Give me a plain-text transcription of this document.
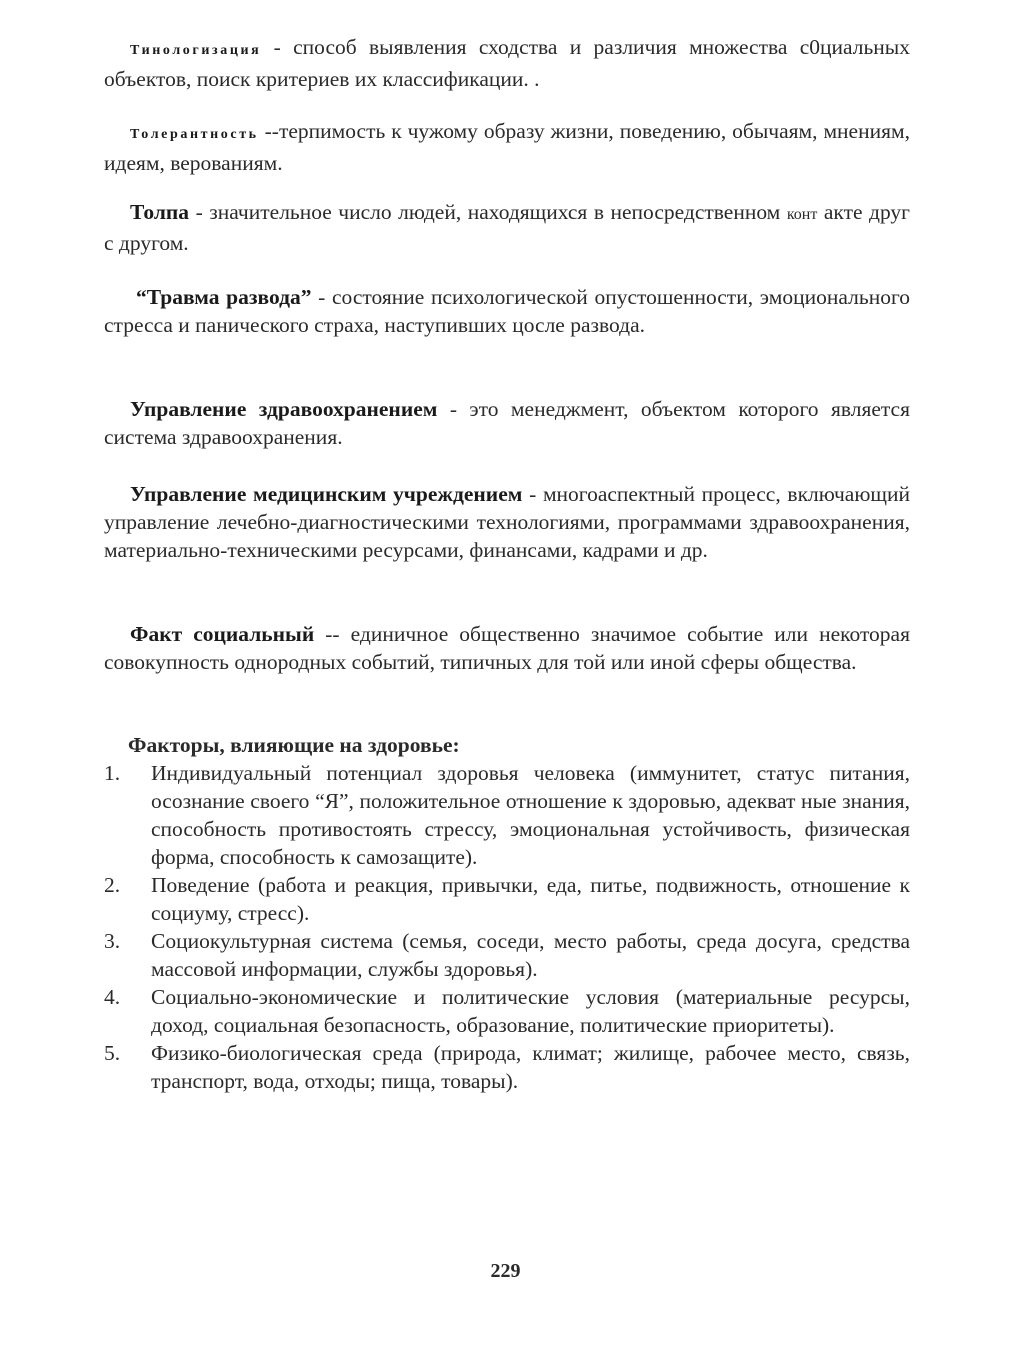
Тинологизация - способ выявления сходства и различия множества с0циальных объектов, поиск критериев их классификации. .

Толерантность --терпимость к чужому образу жизни, поведению, обычаям, мнениям, идеям, верованиям.

Толпа - значительное число людей, находящихся в непосредственном конт акте друг с другом.

“Травма развода” - состояние психологической опустошенности, эмоционального стресса и панического страха, наступивших цосле развода.

Управление здравоохранением - это менеджмент, объектом которого является система здравоохранения.

Управление медицинским учреждением - многоаспектный процесс, включающий управление лечебно-диагностическими технологиями, программами здравоохранения, материально-техническими ресурсами, финансами, кадрами и др.

Факт социальный -- единичное общественно значимое событие или некоторая совокупность однородных событий, типичных для той или иной сферы общества.

Факторы, влияющие на здоровье:

1. Индивидуальный потенциал здоровья человека (иммунитет, статус питания, осознание своего “Я”, положительное отношение к здоровью, адекват ные знания, способность противостоять стрессу, эмоциональная устойчивость, физическая форма, способность к самозащите).
2. Поведение (работа и реакция, привычки, еда, питье, подвижность, отношение к социуму, стресс).
3. Социокультурная система (семья, соседи, место работы, среда досуга, средства массовой информации, службы здоровья).
4. Социально-экономические и политические условия (материальные ресурсы, доход, социальная безопасность, образование, политические приоритеты).
5. Физико-биологическая среда (природа, климат; жилище, рабочее место, связь, транспорт, вода, отходы; пища, товары).

229
